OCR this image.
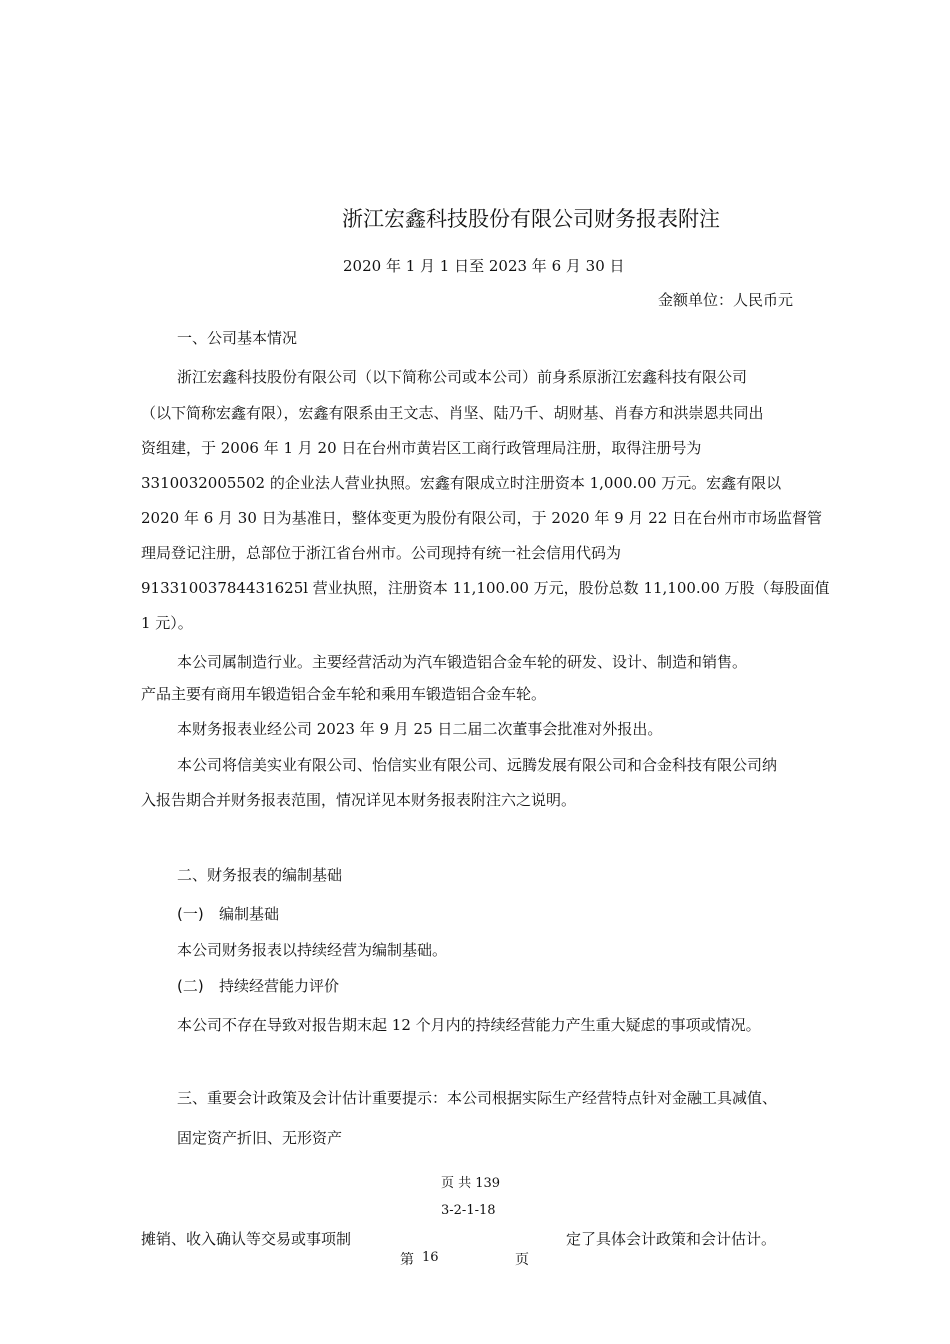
浙江宏鑫科技股份有限公司财务报表附注
2020 年 1 月 1 日至 2023 年 6 月 30 日
金额单位：人民币元
一、公司基本情况
浙江宏鑫科技股份有限公司（以下简称公司或本公司）前身系原浙江宏鑫科技有限公司
（以下简称宏鑫有限），宏鑫有限系由王文志、肖坚、陆乃千、胡财基、肖春方和洪崇恩共同出
资组建，于 2006 年 1 月 20 日在台州市黄岩区工商行政管理局注册，取得注册号为
3310032005502 的企业法人营业执照。宏鑫有限成立时注册资本 1,000.00 万元。宏鑫有限以
2020 年 6 月 30 日为基准日，整体变更为股份有限公司，于 2020 年 9 月 22 日在台州市市场监督管
理局登记注册，总部位于浙江省台州市。公司现持有统一社会信用代码为
91331003784431625l 营业执照，注册资本 11,100.00 万元，股份总数 11,100.00 万股（每股面值
1 元）。
本公司属制造行业。主要经营活动为汽车锻造铝合金车轮的研发、设计、制造和销售。
产品主要有商用车锻造铝合金车轮和乘用车锻造铝合金车轮。
本财务报表业经公司 2023 年 9 月 25 日二届二次董事会批准对外报出。
本公司将信美实业有限公司、怡信实业有限公司、远腾发展有限公司和合金科技有限公司纳
入报告期合并财务报表范围，情况详见本财务报表附注六之说明。
二、财务报表的编制基础
(一) 编制基础
本公司财务报表以持续经营为编制基础。
(二) 持续经营能力评价
本公司不存在导致对报告期末起 12 个月内的持续经营能力产生重大疑虑的事项或情况。
三、重要会计政策及会计估计重要提示：本公司根据实际生产经营特点针对金融工具减值、
固定资产折旧、无形资产
页 共 139
3-2-1-18
摊销、收入确认等交易或事项制	定了具体会计政策和会计估计。
第 16	页
